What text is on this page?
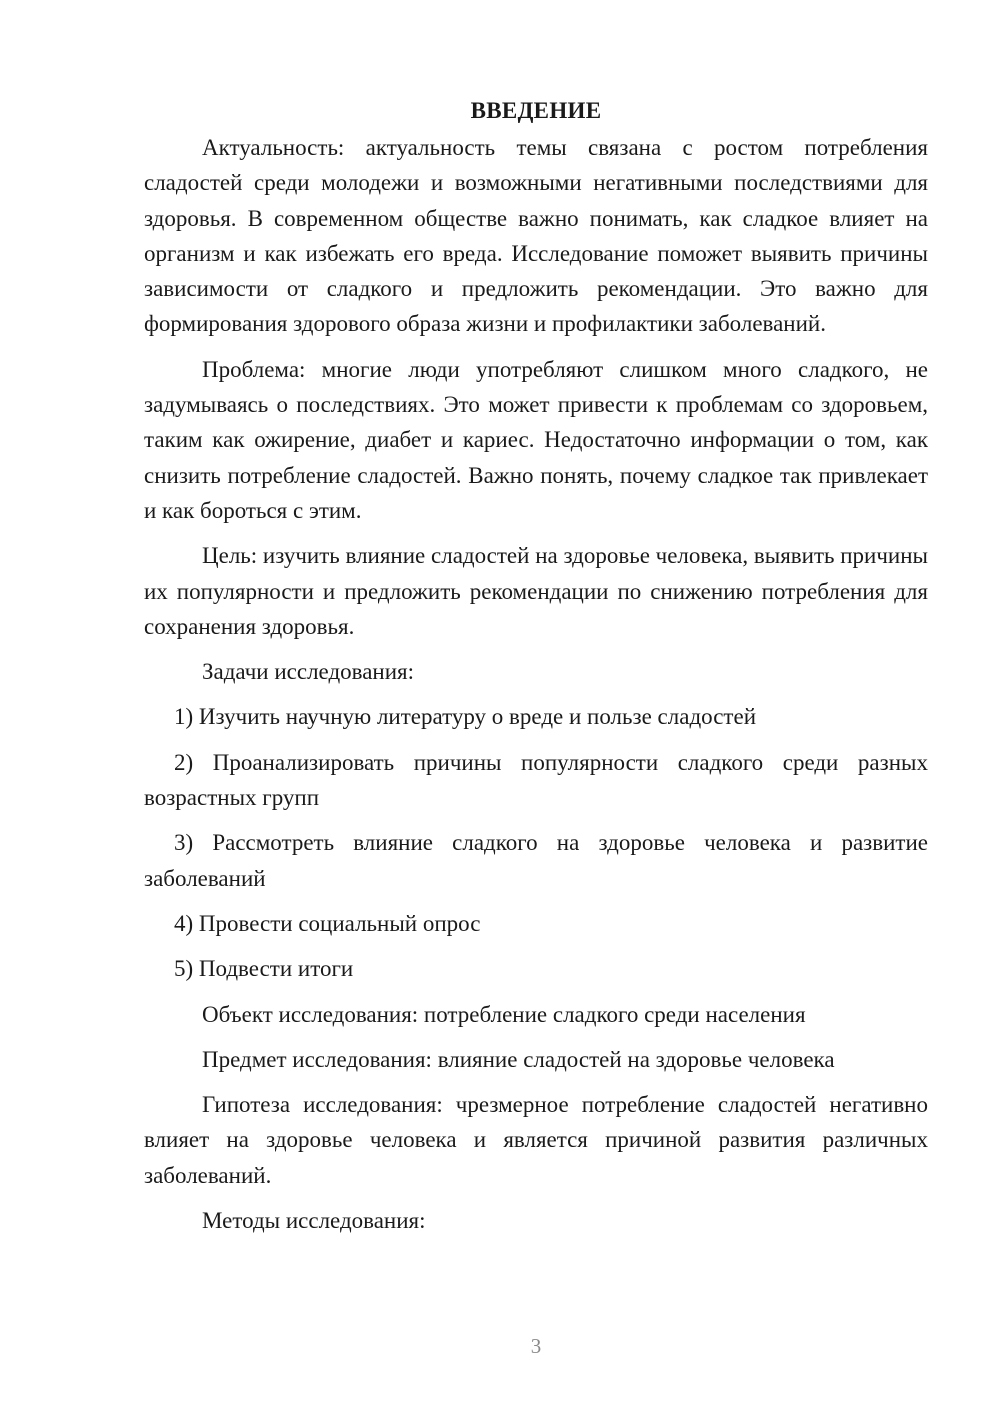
ВВЕДЕНИЕ

Актуальность: актуальность темы связана с ростом потребления сладостей среди молодежи и возможными негативными последствиями для здоровья. В современном обществе важно понимать, как сладкое влияет на организм и как избежать его вреда. Исследование поможет выявить причины зависимости от сладкого и предложить рекомендации. Это важно для формирования здорового образа жизни и профилактики заболеваний.

Проблема: многие люди употребляют слишком много сладкого, не задумываясь о последствиях. Это может привести к проблемам со здоровьем, таким как ожирение, диабет и кариес. Недостаточно информации о том, как снизить потребление сладостей. Важно понять, почему сладкое так привлекает и как бороться с этим.

Цель: изучить влияние сладостей на здоровье человека, выявить причины их популярности и предложить рекомендации по снижению потребления для сохранения здоровья.

Задачи исследования:

1) Изучить научную литературу о вреде и пользе сладостей

2) Проанализировать причины популярности сладкого среди разных возрастных групп

3) Рассмотреть влияние сладкого на здоровье человека и развитие заболеваний

4) Провести социальный опрос

5) Подвести итоги

Объект исследования: потребление сладкого среди населения

Предмет исследования: влияние сладостей на здоровье человека

Гипотеза исследования: чрезмерное потребление сладостей негативно влияет на здоровье человека и является причиной развития различных заболеваний.

Методы исследования:

3
